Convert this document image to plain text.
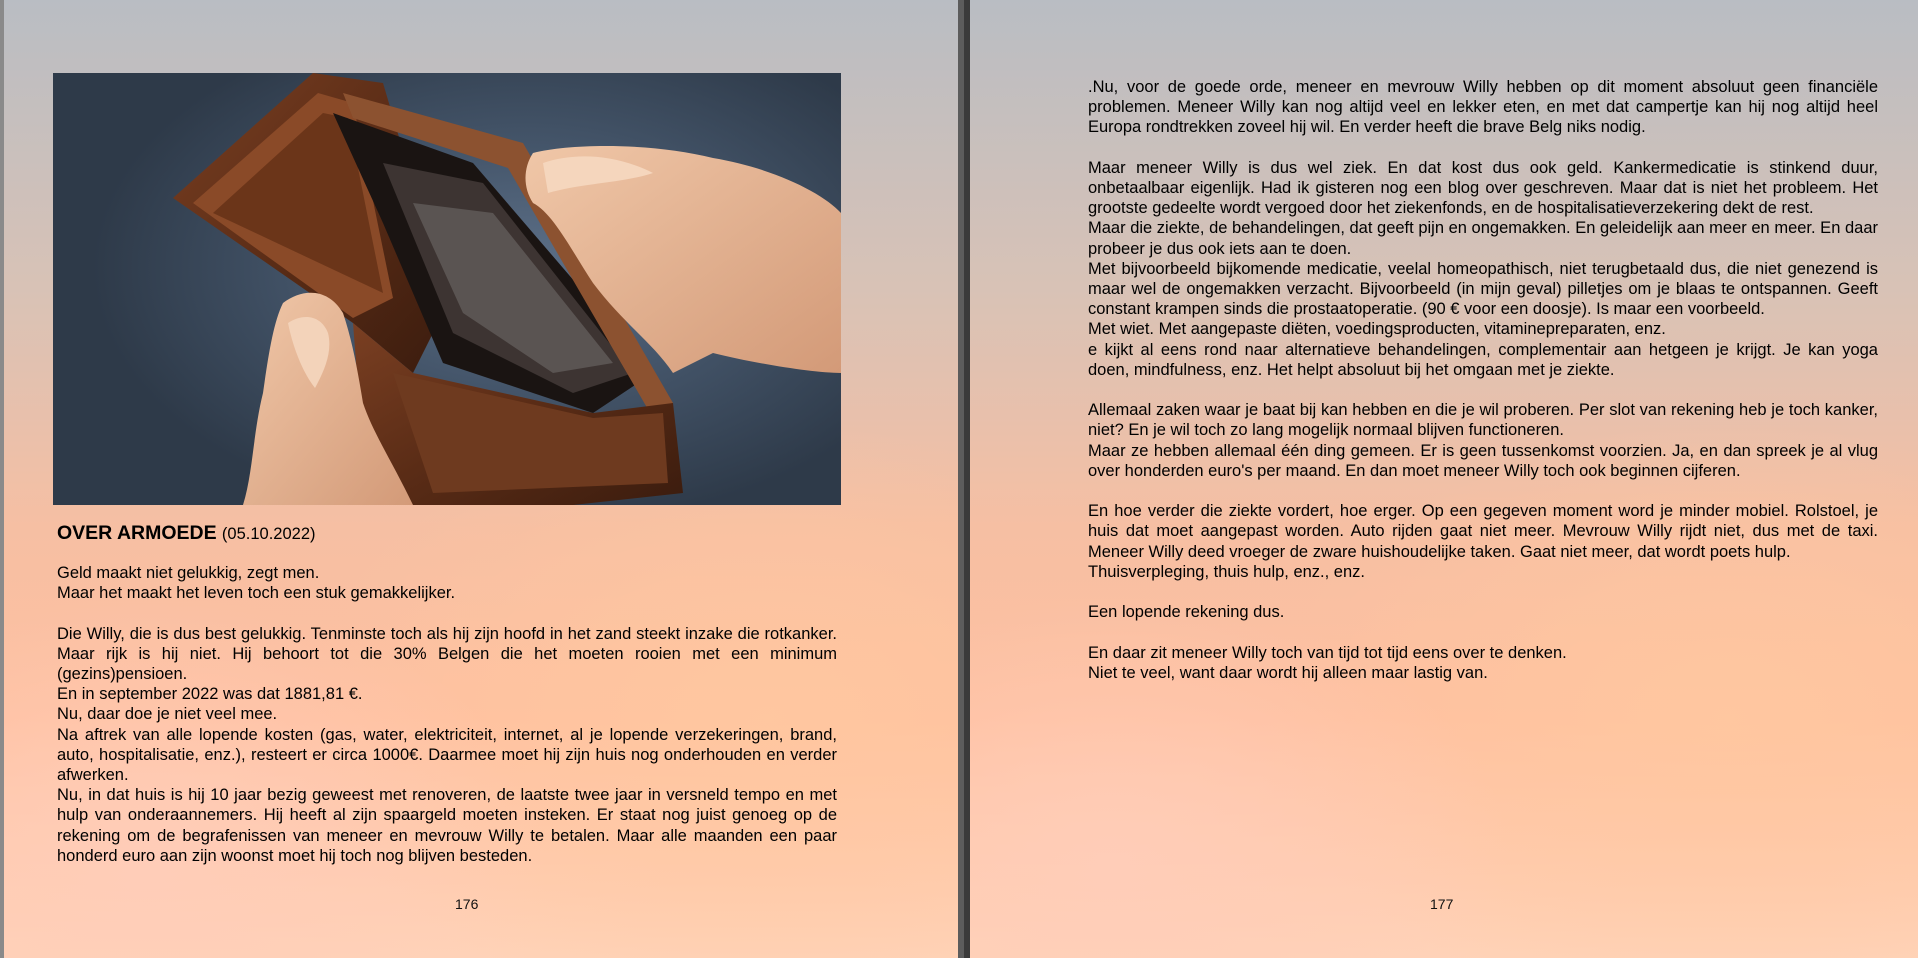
OVER ARMOEDE (05.10.2022)

Geld maakt niet gelukkig, zegt men.

Maar het maakt het leven toch een stuk gemakkelijker.

Die Willy, die is dus best gelukkig. Tenminste toch als hij zijn hoofd in het zand steekt inzake die rotkanker. Maar rijk is hij niet. Hij behoort tot die 30% Belgen die het moeten rooien met een minimum (gezins)pensioen.

En in september 2022 was dat 1881,81 €.

Nu, daar doe je niet veel mee.

Na aftrek van alle lopende kosten (gas, water, elektriciteit, internet, al je lopende verzekeringen, brand, auto, hospitalisatie, enz.), resteert er circa 1000€. Daarmee moet hij zijn huis nog onderhouden en verder afwerken.

Nu, in dat huis is hij 10 jaar bezig geweest met renoveren, de laatste twee jaar in versneld tempo en met hulp van onderaannemers. Hij heeft al zijn spaargeld moeten insteken. Er staat nog juist genoeg op de rekening om de begrafenissen van meneer en mevrouw Willy te betalen. Maar alle maanden een paar honderd euro aan zijn woonst moet hij toch nog blijven besteden.

176

.Nu, voor de goede orde, meneer en mevrouw Willy hebben op dit moment absoluut geen financiële problemen. Meneer Willy kan nog altijd veel en lekker eten, en met dat campertje kan hij nog altijd heel Europa rondtrekken zoveel hij wil. En verder heeft die brave Belg niks nodig.

Maar meneer Willy is dus wel ziek. En dat kost dus ook geld. Kankermedicatie is stinkend duur, onbetaalbaar eigenlijk. Had ik gisteren nog een blog over geschreven. Maar dat is niet het probleem. Het grootste gedeelte wordt vergoed door het ziekenfonds, en de hospitalisatieverzekering dekt de rest.

Maar die ziekte, de behandelingen, dat geeft pijn en ongemakken. En geleidelijk aan meer en meer. En daar probeer je dus ook iets aan te doen.

Met bijvoorbeeld bijkomende medicatie, veelal homeopathisch, niet terugbetaald dus, die niet genezend is maar wel de ongemakken verzacht. Bijvoorbeeld (in mijn geval) pilletjes om je blaas te ontspannen. Geeft constant krampen sinds die prostaatoperatie. (90 € voor een doosje). Is maar een voorbeeld.

Met wiet. Met aangepaste diëten, voedingsproducten, vitaminepreparaten, enz.

e kijkt al eens rond naar alternatieve behandelingen, complementair aan hetgeen je krijgt. Je kan yoga doen, mindfulness, enz. Het helpt absoluut bij het omgaan met je ziekte.

Allemaal zaken waar je baat bij kan hebben en die je wil proberen. Per slot van rekening heb je toch kanker, niet? En je wil toch zo lang mogelijk normaal blijven functioneren.

Maar ze hebben allemaal één ding gemeen. Er is geen tussenkomst voorzien. Ja, en dan spreek je al vlug over honderden euro's per maand. En dan moet meneer Willy toch ook beginnen cijferen.

En hoe verder die ziekte vordert, hoe erger. Op een gegeven moment word je minder mobiel. Rolstoel, je huis dat moet aangepast worden. Auto rijden gaat niet meer. Mevrouw Willy rijdt niet, dus met de taxi. Meneer Willy deed vroeger de zware huishoudelijke taken. Gaat niet meer, dat wordt poets hulp.

Thuisverpleging, thuis hulp, enz., enz.

Een lopende rekening dus.

En daar zit meneer Willy toch van tijd tot tijd eens over te denken.

Niet te veel, want daar wordt hij alleen maar lastig van.

177
